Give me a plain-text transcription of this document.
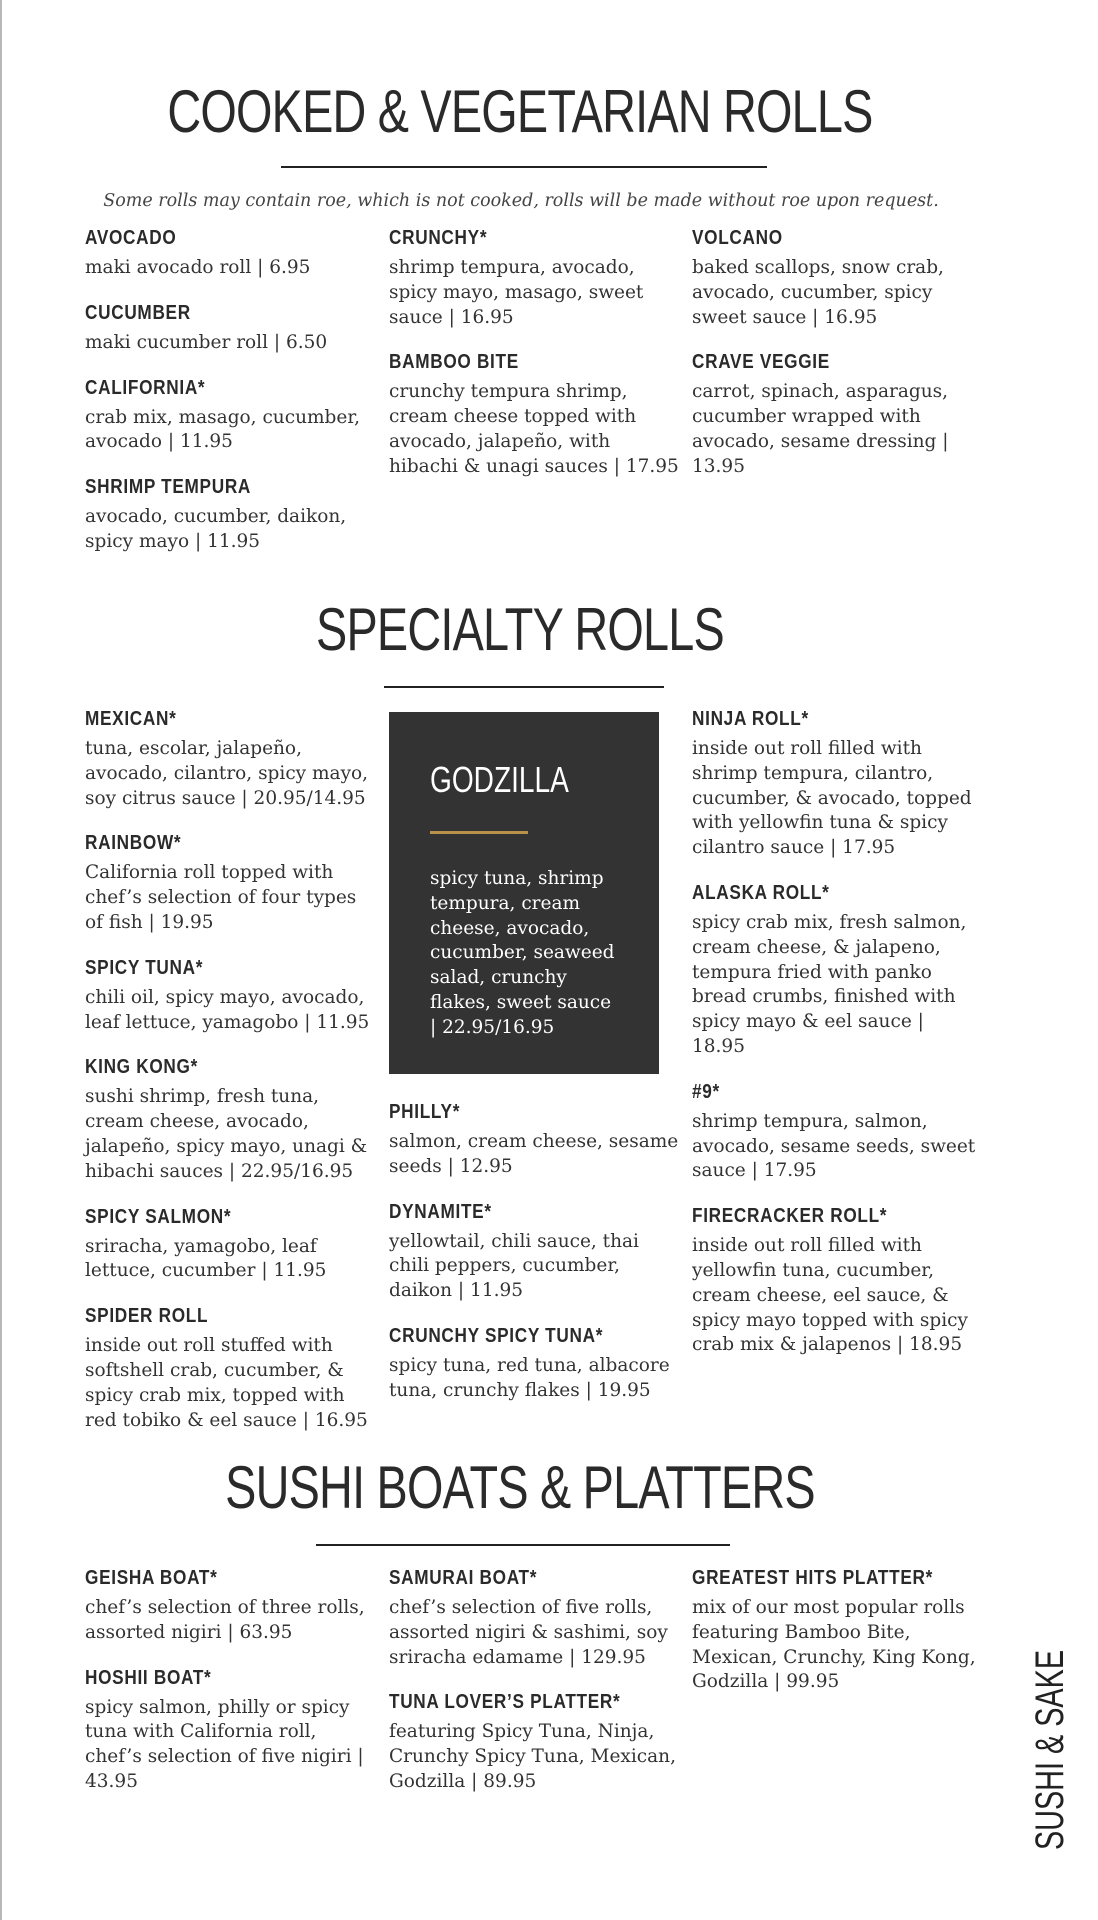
COOKED & VEGETARIAN ROLLS

Some rolls may contain roe, which is not cooked, rolls will be made without roe upon request.

AVOCADO

maki avocado roll | 6.95

CUCUMBER

maki cucumber roll | 6.50

CALIFORNIA*

crab mix, masago, cucumber, avocado | 11.95

SHRIMP TEMPURA

avocado, cucumber, daikon, spicy mayo | 11.95

CRUNCHY*

shrimp tempura, avocado, spicy mayo, masago, sweet sauce | 16.95

BAMBOO BITE

crunchy tempura shrimp, cream cheese topped with avocado, jalapeño, with hibachi & unagi sauces | 17.95

VOLCANO

baked scallops, snow crab, avocado, cucumber, spicy sweet sauce | 16.95

CRAVE VEGGIE

carrot, spinach, asparagus, cucumber wrapped with avocado, sesame dressing | 13.95

SPECIALTY ROLLS
MEXICAN*

tuna, escolar, jalapeño, avocado, cilantro, spicy mayo, soy citrus sauce | 20.95/14.95

RAINBOW*

California roll topped with chef’s selection of four types of fish | 19.95

SPICY TUNA*

chili oil, spicy mayo, avocado, leaf lettuce, yamagobo | 11.95

KING KONG*

sushi shrimp, fresh tuna, cream cheese, avocado, jalapeño, spicy mayo, unagi & hibachi sauces | 22.95/16.95

SPICY SALMON*

sriracha, yamagobo, leaf lettuce, cucumber | 11.95

SPIDER ROLL

inside out roll stuffed with softshell crab, cucumber, & spicy crab mix, topped with red tobiko & eel sauce | 16.95

GODZILLA

spicy tuna, shrimp tempura, cream cheese, avocado, cucumber, seaweed salad, crunchy flakes, sweet sauce | 22.95/16.95

PHILLY*

salmon, cream cheese, sesame seeds | 12.95

DYNAMITE*

yellowtail, chili sauce, thai chili peppers, cucumber, daikon | 11.95

CRUNCHY SPICY TUNA*

spicy tuna, red tuna, albacore tuna, crunchy flakes | 19.95

NINJA ROLL*

inside out roll filled with shrimp tempura, cilantro, cucumber, & avocado, topped with yellowfin tuna & spicy cilantro sauce | 17.95

ALASKA ROLL*

spicy crab mix, fresh salmon, cream cheese, & jalapeno, tempura fried with panko bread crumbs, finished with spicy mayo & eel sauce | 18.95

#9*

shrimp tempura, salmon, avocado, sesame seeds, sweet sauce | 17.95

FIRECRACKER ROLL*

inside out roll filled with yellowfin tuna, cucumber, cream cheese, eel sauce, & spicy mayo topped with spicy crab mix & jalapenos | 18.95

SUSHI BOATS & PLATTERS
GEISHA BOAT*

chef’s selection of three rolls, assorted nigiri | 63.95

HOSHII BOAT*

spicy salmon, philly or spicy tuna with California roll, chef’s selection of five nigiri | 43.95

SAMURAI BOAT*

chef’s selection of five rolls, assorted nigiri & sashimi, soy sriracha edamame | 129.95

TUNA LOVER’S PLATTER*

featuring Spicy Tuna, Ninja, Crunchy Spicy Tuna, Mexican, Godzilla | 89.95

GREATEST HITS PLATTER*

mix of our most popular rolls featuring Bamboo Bite, Mexican, Crunchy, King Kong, Godzilla | 99.95	SUSHI & SAKE
